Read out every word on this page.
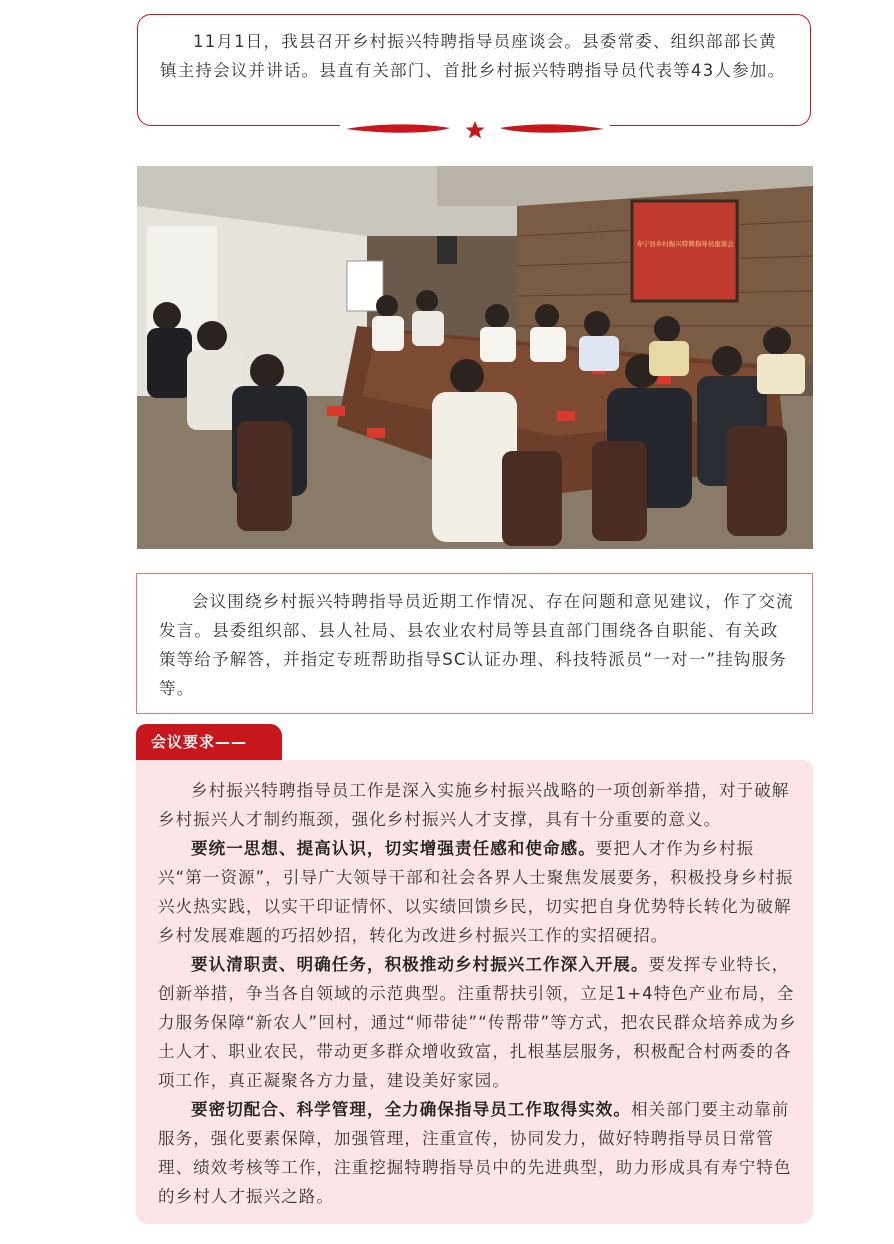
11月1日，我县召开乡村振兴特聘指导员座谈会。县委常委、组织部部长黄镇主持会议并讲话。县直有关部门、首批乡村振兴特聘指导员代表等43人参加。

寿宁县乡村振兴特聘指导员座谈会

会议围绕乡村振兴特聘指导员近期工作情况、存在问题和意见建议，作了交流发言。县委组织部、县人社局、县农业农村局等县直部门围绕各自职能、有关政策等给予解答，并指定专班帮助指导SC认证办理、科技特派员“一对一”挂钩服务等。

会议要求——

乡村振兴特聘指导员工作是深入实施乡村振兴战略的一项创新举措，对于破解乡村振兴人才制约瓶颈，强化乡村振兴人才支撑，具有十分重要的意义。

要统一思想、提高认识，切实增强责任感和使命感。要把人才作为乡村振兴“第一资源”，引导广大领导干部和社会各界人士聚焦发展要务，积极投身乡村振兴火热实践，以实干印证情怀、以实绩回馈乡民，切实把自身优势特长转化为破解乡村发展难题的巧招妙招，转化为改进乡村振兴工作的实招硬招。

要认清职责、明确任务，积极推动乡村振兴工作深入开展。要发挥专业特长，创新举措，争当各自领域的示范典型。注重帮扶引领，立足1+4特色产业布局，全力服务保障“新农人”回村，通过“师带徒”“传帮带”等方式，把农民群众培养成为乡土人才、职业农民，带动更多群众增收致富，扎根基层服务，积极配合村两委的各项工作，真正凝聚各方力量，建设美好家园。

要密切配合、科学管理，全力确保指导员工作取得实效。相关部门要主动靠前服务，强化要素保障，加强管理，注重宣传，协同发力，做好特聘指导员日常管理、绩效考核等工作，注重挖掘特聘指导员中的先进典型，助力形成具有寿宁特色的乡村人才振兴之路。
